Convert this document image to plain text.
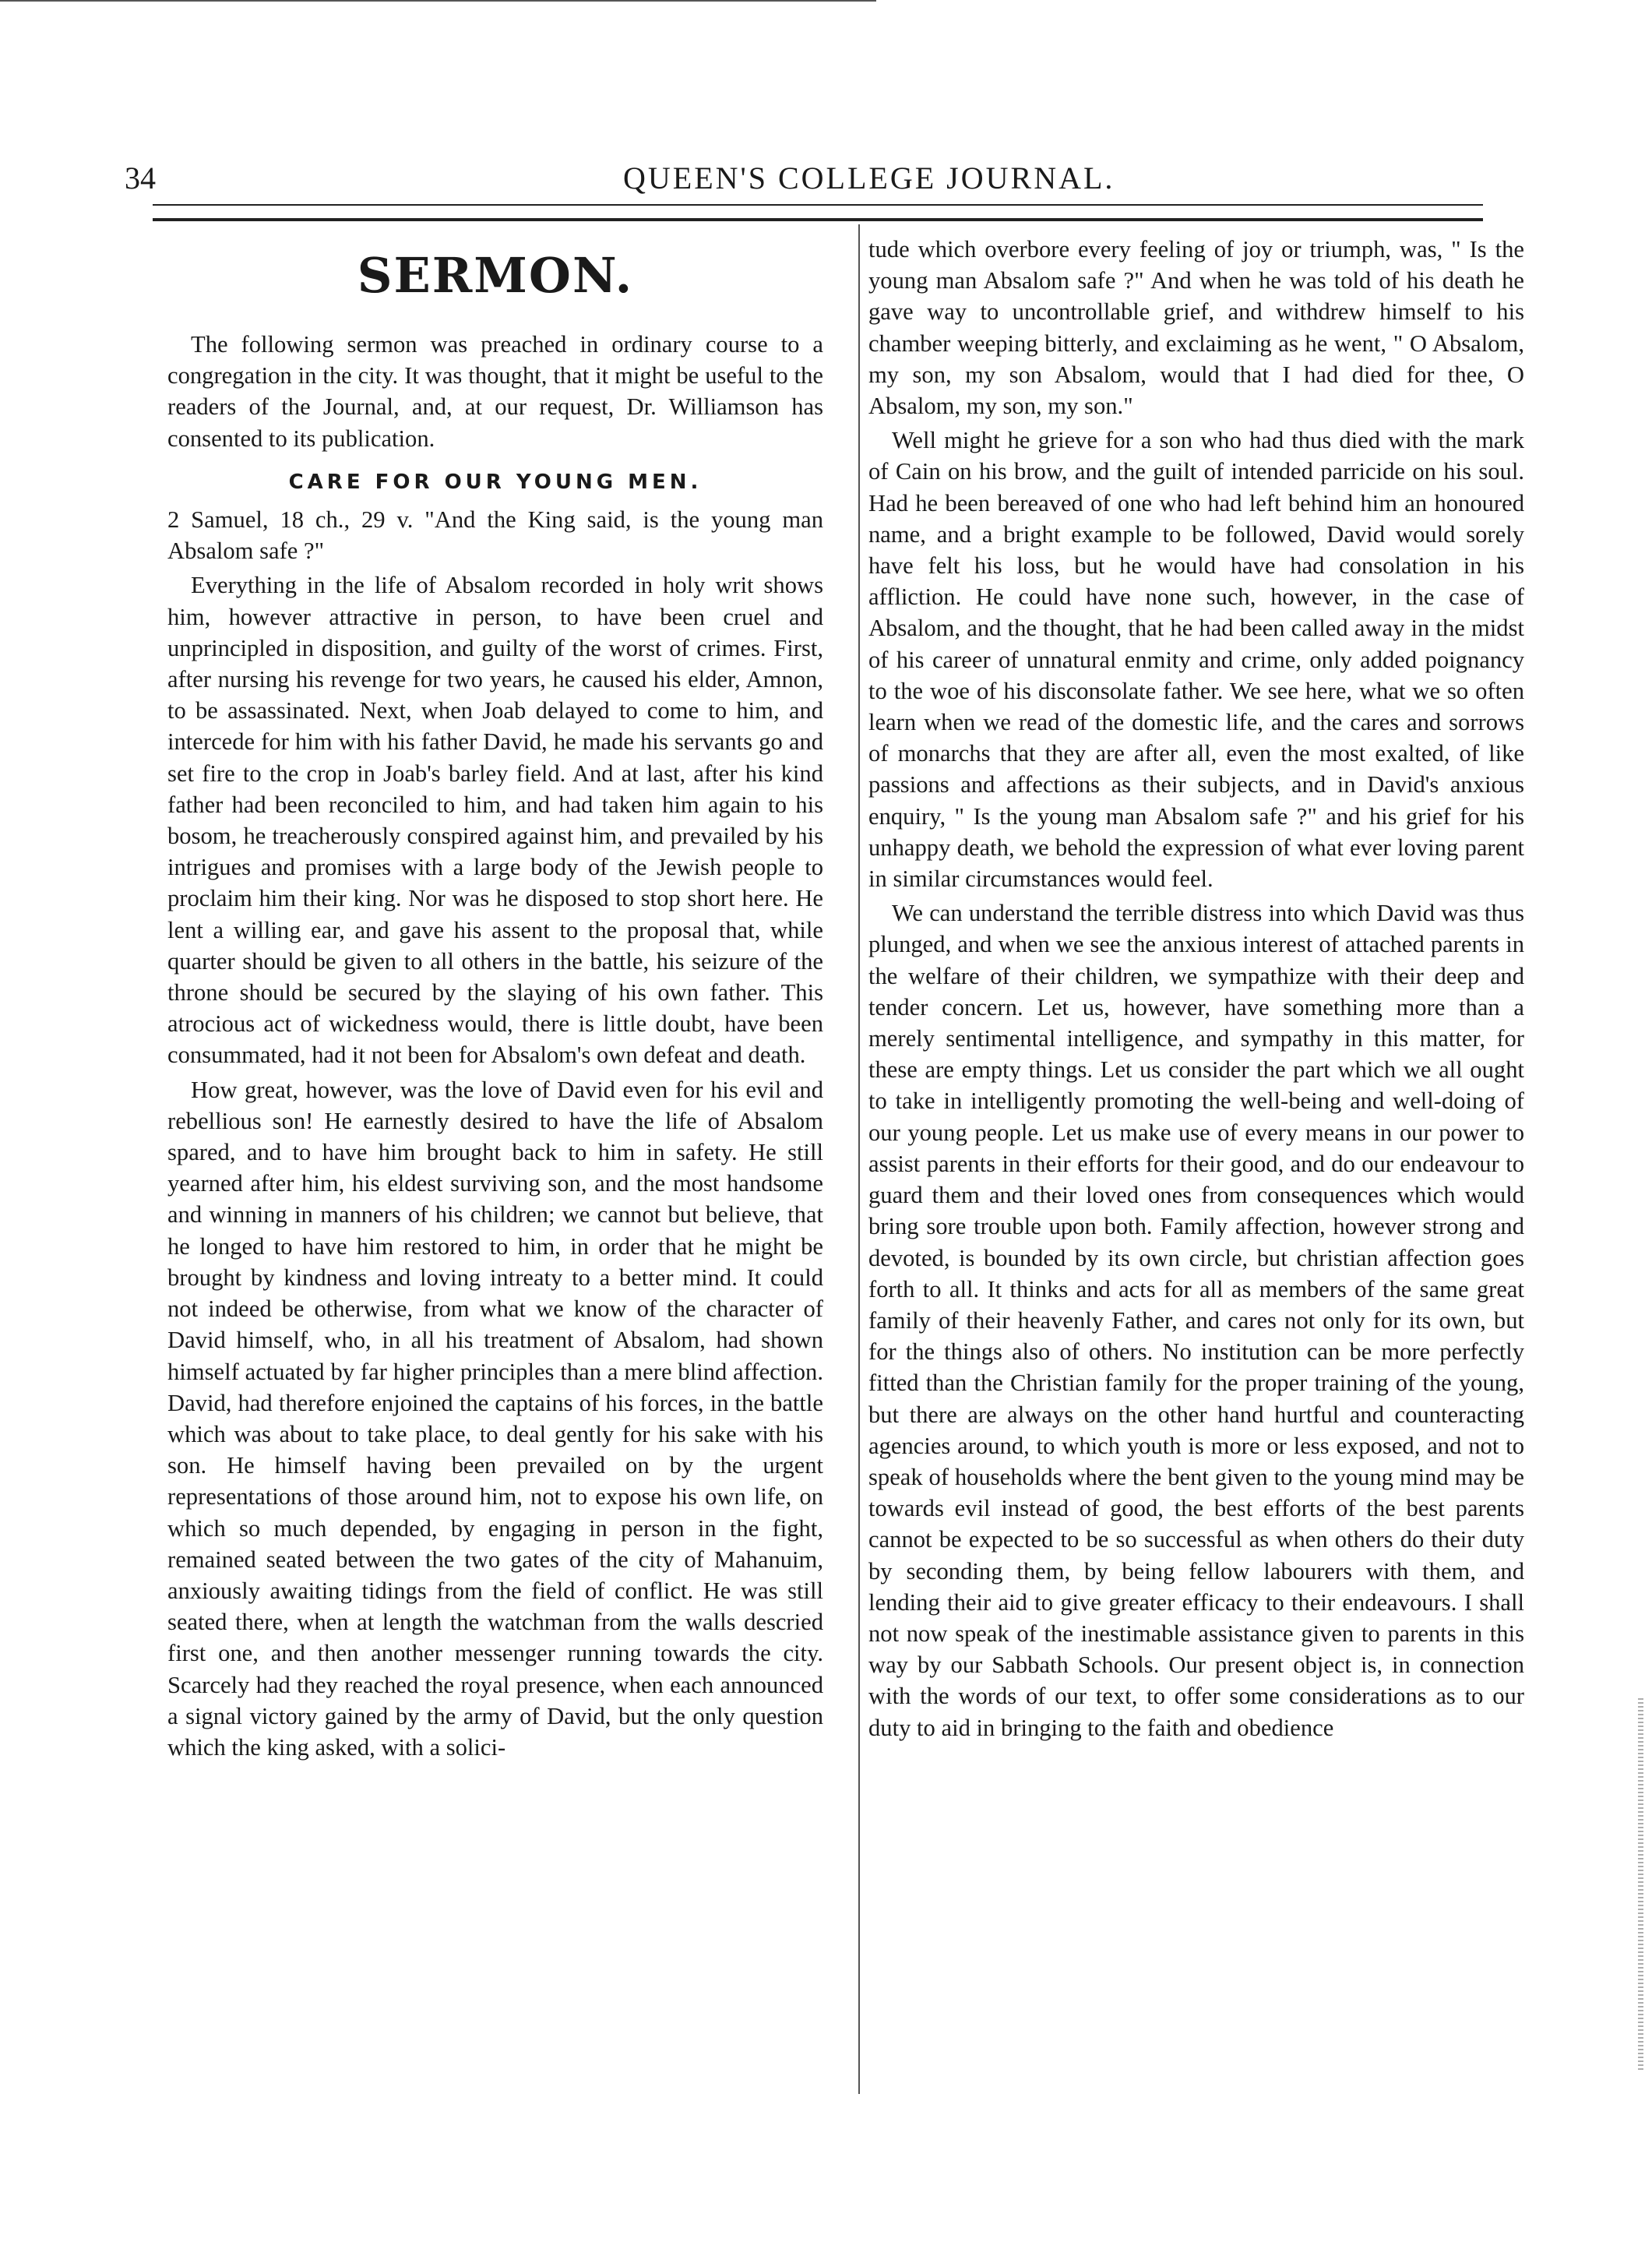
34	QUEEN'S COLLEGE JOURNAL.
SERMON.

The following sermon was preached in ordinary course to a congregation in the city. It was thought, that it might be useful to the readers of the Journal, and, at our request, Dr. Williamson has consented to its publication.

CARE FOR OUR YOUNG MEN.

2 Samuel, 18 ch., 29 v. "And the King said, is the young man Absalom safe ?"

Everything in the life of Absalom recorded in holy writ shows him, however attractive in person, to have been cruel and unprincipled in disposition, and guilty of the worst of crimes. First, after nursing his revenge for two years, he caused his elder, Amnon, to be assassinated. Next, when Joab delayed to come to him, and intercede for him with his father David, he made his servants go and set fire to the crop in Joab's barley field. And at last, after his kind father had been reconciled to him, and had taken him again to his bosom, he treacherously conspired against him, and prevailed by his intrigues and promises with a large body of the Jewish people to proclaim him their king. Nor was he disposed to stop short here. He lent a willing ear, and gave his assent to the proposal that, while quarter should be given to all others in the battle, his seizure of the throne should be secured by the slaying of his own father. This atrocious act of wickedness would, there is little doubt, have been consummated, had it not been for Absalom's own defeat and death.

How great, however, was the love of David even for his evil and rebellious son! He earnestly desired to have the life of Absalom spared, and to have him brought back to him in safety. He still yearned after him, his eldest surviving son, and the most handsome and winning in manners of his children; we cannot but believe, that he longed to have him restored to him, in order that he might be brought by kindness and loving intreaty to a better mind. It could not indeed be otherwise, from what we know of the character of David himself, who, in all his treatment of Absalom, had shown himself actuated by far higher principles than a mere blind affection. David, had therefore enjoined the captains of his forces, in the battle which was about to take place, to deal gently for his sake with his son. He himself having been prevailed on by the urgent representations of those around him, not to expose his own life, on which so much depended, by engaging in person in the fight, remained seated between the two gates of the city of Mahanuim, anxiously awaiting tidings from the field of conflict. He was still seated there, when at length the watchman from the walls descried first one, and then another messenger running towards the city. Scarcely had they reached the royal presence, when each announced a signal victory gained by the army of David, but the only question which the king asked, with a solici-

tude which overbore every feeling of joy or triumph, was, " Is the young man Absalom safe ?" And when he was told of his death he gave way to uncontrollable grief, and withdrew himself to his chamber weeping bitterly, and exclaiming as he went, " O Absalom, my son, my son Absalom, would that I had died for thee, O Absalom, my son, my son."

Well might he grieve for a son who had thus died with the mark of Cain on his brow, and the guilt of intended parricide on his soul. Had he been bereaved of one who had left behind him an honoured name, and a bright example to be followed, David would sorely have felt his loss, but he would have had consolation in his affliction. He could have none such, however, in the case of Absalom, and the thought, that he had been called away in the midst of his career of unnatural enmity and crime, only added poignancy to the woe of his disconsolate father. We see here, what we so often learn when we read of the domestic life, and the cares and sorrows of monarchs that they are after all, even the most exalted, of like passions and affections as their subjects, and in David's anxious enquiry, " Is the young man Absalom safe ?" and his grief for his unhappy death, we behold the expression of what ever loving parent in similar circumstances would feel.

We can understand the terrible distress into which David was thus plunged, and when we see the anxious interest of attached parents in the welfare of their children, we sympathize with their deep and tender concern. Let us, however, have something more than a merely sentimental intelligence, and sympathy in this matter, for these are empty things. Let us consider the part which we all ought to take in intelligently promoting the well-being and well-doing of our young people. Let us make use of every means in our power to assist parents in their efforts for their good, and do our endeavour to guard them and their loved ones from consequences which would bring sore trouble upon both. Family affection, however strong and devoted, is bounded by its own circle, but christian affection goes forth to all. It thinks and acts for all as members of the same great family of their heavenly Father, and cares not only for its own, but for the things also of others. No institution can be more perfectly fitted than the Christian family for the proper training of the young, but there are always on the other hand hurtful and counteracting agencies around, to which youth is more or less exposed, and not to speak of households where the bent given to the young mind may be towards evil instead of good, the best efforts of the best parents cannot be expected to be so successful as when others do their duty by seconding them, by being fellow labourers with them, and lending their aid to give greater efficacy to their endeavours. I shall not now speak of the inestimable assistance given to parents in this way by our Sabbath Schools. Our present object is, in connection with the words of our text, to offer some considerations as to our duty to aid in bringing to the faith and obedience
